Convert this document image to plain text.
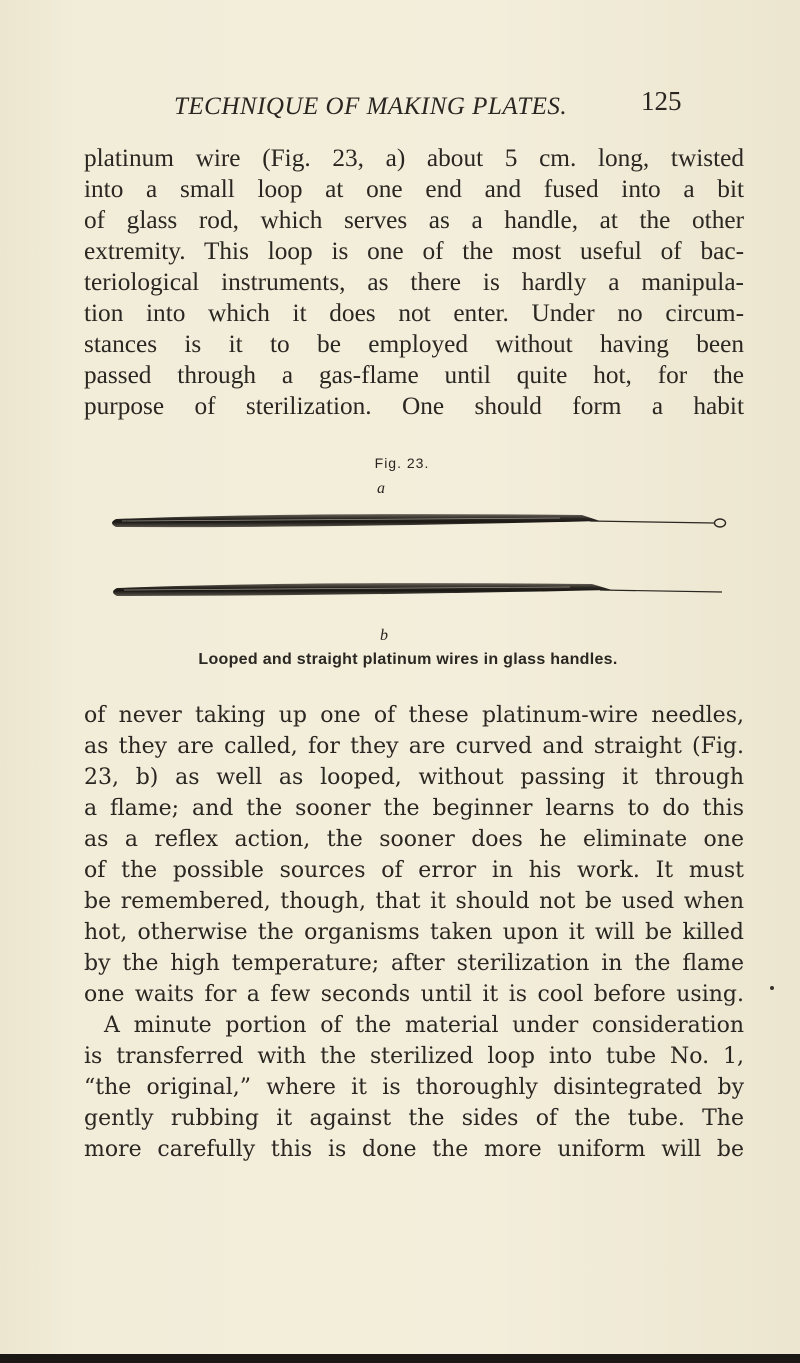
TECHNIQUE OF MAKING PLATES.	125

platinum wire (Fig. 23, a) about 5 cm. long, twisted
into a small loop at one end and fused into a bit
of glass rod, which serves as a handle, at the other
extremity. This loop is one of the most useful of bac-
teriological instruments, as there is hardly a manipula-
tion into which it does not enter. Under no circum-
stances is it to be employed without having been
passed through a gas-flame until quite hot, for the
purpose of sterilization. One should form a habit

Fig. 23.
a
b
Looped and straight platinum wires in glass handles.

of never taking up one of these platinum-wire needles,
as they are called, for they are curved and straight (Fig.
23, b) as well as looped, without passing it through
a flame; and the sooner the beginner learns to do this
as a reflex action, the sooner does he eliminate one
of the possible sources of error in his work. It must
be remembered, though, that it should not be used when
hot, otherwise the organisms taken upon it will be killed
by the high temperature; after sterilization in the flame
one waits for a few seconds until it is cool before using.
A minute portion of the material under consideration
is transferred with the sterilized loop into tube No. 1,
“the original,” where it is thoroughly disintegrated by
gently rubbing it against the sides of the tube. The
more carefully this is done the more uniform will be
